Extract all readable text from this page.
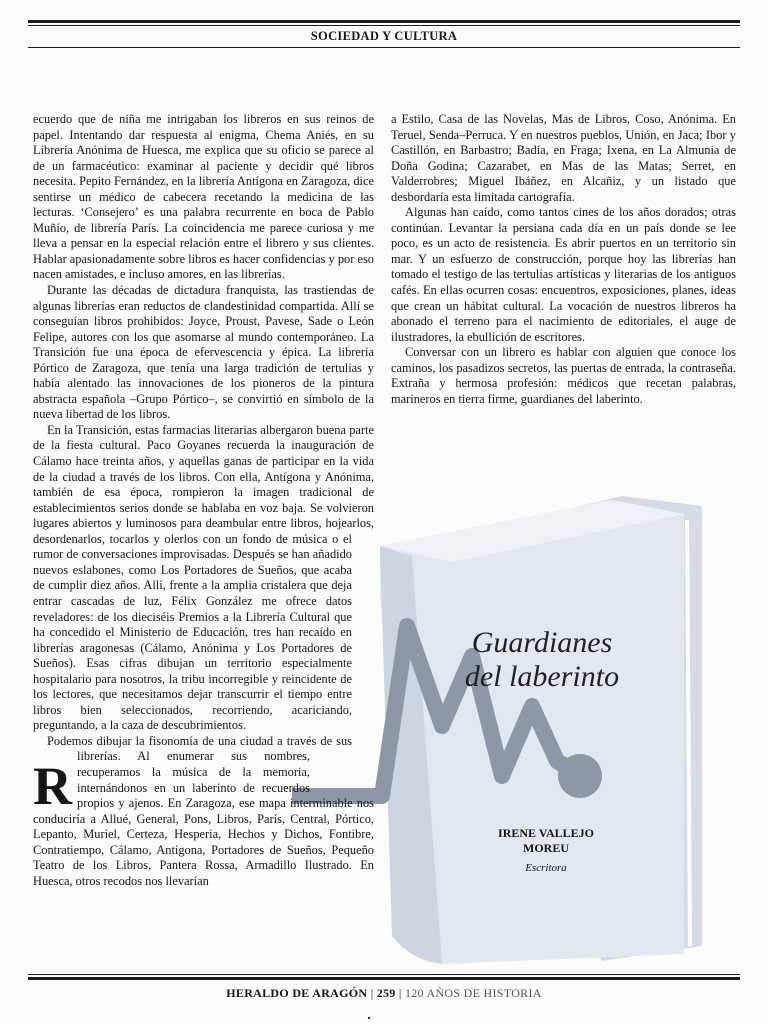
SOCIEDAD Y CULTURA
Guardianes
del laberinto
IRENE VALLEJO
MOREU
Escritora
R

ecuerdo que de niña me intrigaban los libreros en sus reinos de papel. Intentando dar respuesta al enigma, Chema Aniés, en su Librería Anónima de Huesca, me explica que su oficio se parece al de un farmacéutico: examinar al paciente y decidir qué libros necesita. Pepito Fernández, en la librería Antígona en Zaragoza, dice sentirse un médico de cabecera recetando la medicina de las lecturas. ‘Consejero’ es una palabra recurrente en boca de Pablo Muñío, de librería París. La coincidencia me parece curiosa y me lleva a pensar en la especial relación entre el librero y sus clientes. Hablar apasionadamente sobre libros es hacer confidencias y por eso nacen amistades, e incluso amores, en las librerías.

Durante las décadas de dictadura franquista, las trastiendas de algunas librerías eran reductos de clandestinidad compartida. Allí se conseguían libros prohibidos: Joyce, Proust, Pavese, Sade o León Felipe, autores con los que asomarse al mundo contemporáneo. La Transición fue una época de efervescencia y épica. La librería Pórtico de Zaragoza, que tenía una larga tradición de tertulias y había alentado las innovaciones de los pioneros de la pintura abstracta española –Grupo Pórtico–, se convirtió en símbolo de la nueva libertad de los libros.

En la Transición, estas farmacias literarias albergaron buena parte de la fiesta cultural. Paco Goyanes recuerda la inauguración de Cálamo hace treinta años, y aquellas ganas de participar en la vida de la ciudad a través de los libros. Con ella, Antígona y Anónima, también de esa época, rompieron la imagen tradicional de establecimientos serios donde se hablaba en voz baja. Se volvieron lugares abiertos y luminosos para deambular entre libros, hojearlos, desordenarlos, tocarlos y olerlos con un fondo de música o el rumor de conversaciones improvisadas. Después se han añadido nuevos eslabones, como Los Portadores de Sueños, que acaba de cumplir diez años. Allí, frente a la amplia cristalera que deja entrar cascadas de luz, Félix González me ofrece datos reveladores: de los dieciséis Premios a la Librería Cultural que ha concedido el Ministerio de Educación, tres han recaído en librerías aragonesas (Cálamo, Anónima y Los Portadores de Sueños). Esas cifras dibujan un territorio especialmente hospitalario para nosotros, la tribu incorregible y reincidente de los lectores, que necesitamos dejar transcurrir el tiempo entre libros bien seleccionados, recorriendo, acariciando, preguntando, a la caza de descubrimientos.

Podemos dibujar la fisonomía de una ciudad a través de sus librerías. Al enumerar sus nombres, recuperamos la música de la memoria, internándonos en un laberinto de recuerdos propios y ajenos. En Zaragoza, ese mapa interminable nos conduciría a Allué, General, Pons, Libros, París, Central, Pórtico, Lepanto, Muriel, Certeza, Hesperia, Hechos y Dichos, Fontibre, Contratiempo, Cálamo, Antígona, Portadores de Sueños, Pequeño Teatro de los Libros, Pantera Rossa, Armadillo Ilustrado. En Huesca, otros recodos nos llevarían

a Estilo, Casa de las Novelas, Mas de Libros, Coso, Anónima. En Teruel, Senda–Perruca. Y en nuestros pueblos, Unión, en Jaca; Ibor y Castillón, en Barbastro; Badía, en Fraga; Ixena, en La Almunia de Doña Godina; Cazarabet, en Mas de las Matas; Serret, en Valderrobres; Miguel Ibáñez, en Alcañiz, y un listado que desbordaría esta limitada cartografía.

Algunas han caído, como tantos cines de los años dorados; otras continúan. Levantar la persiana cada día en un país donde se lee poco, es un acto de resistencia. Es abrir puertos en un territorio sin mar. Y un esfuerzo de construcción, porque hoy las librerías han tomado el testigo de las tertulias artísticas y literarias de los antiguos cafés. En ellas ocurren cosas: encuentros, exposiciones, planes, ideas que crean un hábitat cultural. La vocación de nuestros libreros ha abonado el terreno para el nacimiento de editoriales, el auge de ilustradores, la ebullición de escritores.

Conversar con un librero es hablar con alguien que conoce los caminos, los pasadizos secretos, las puertas de entrada, la contraseña. Extraña y hermosa profesión: médicos que recetan palabras, marineros en tierra firme, guardianes del laberinto.

HERALDO DE ARAGÓN | 259 | 120 AÑOS DE HISTORIA
